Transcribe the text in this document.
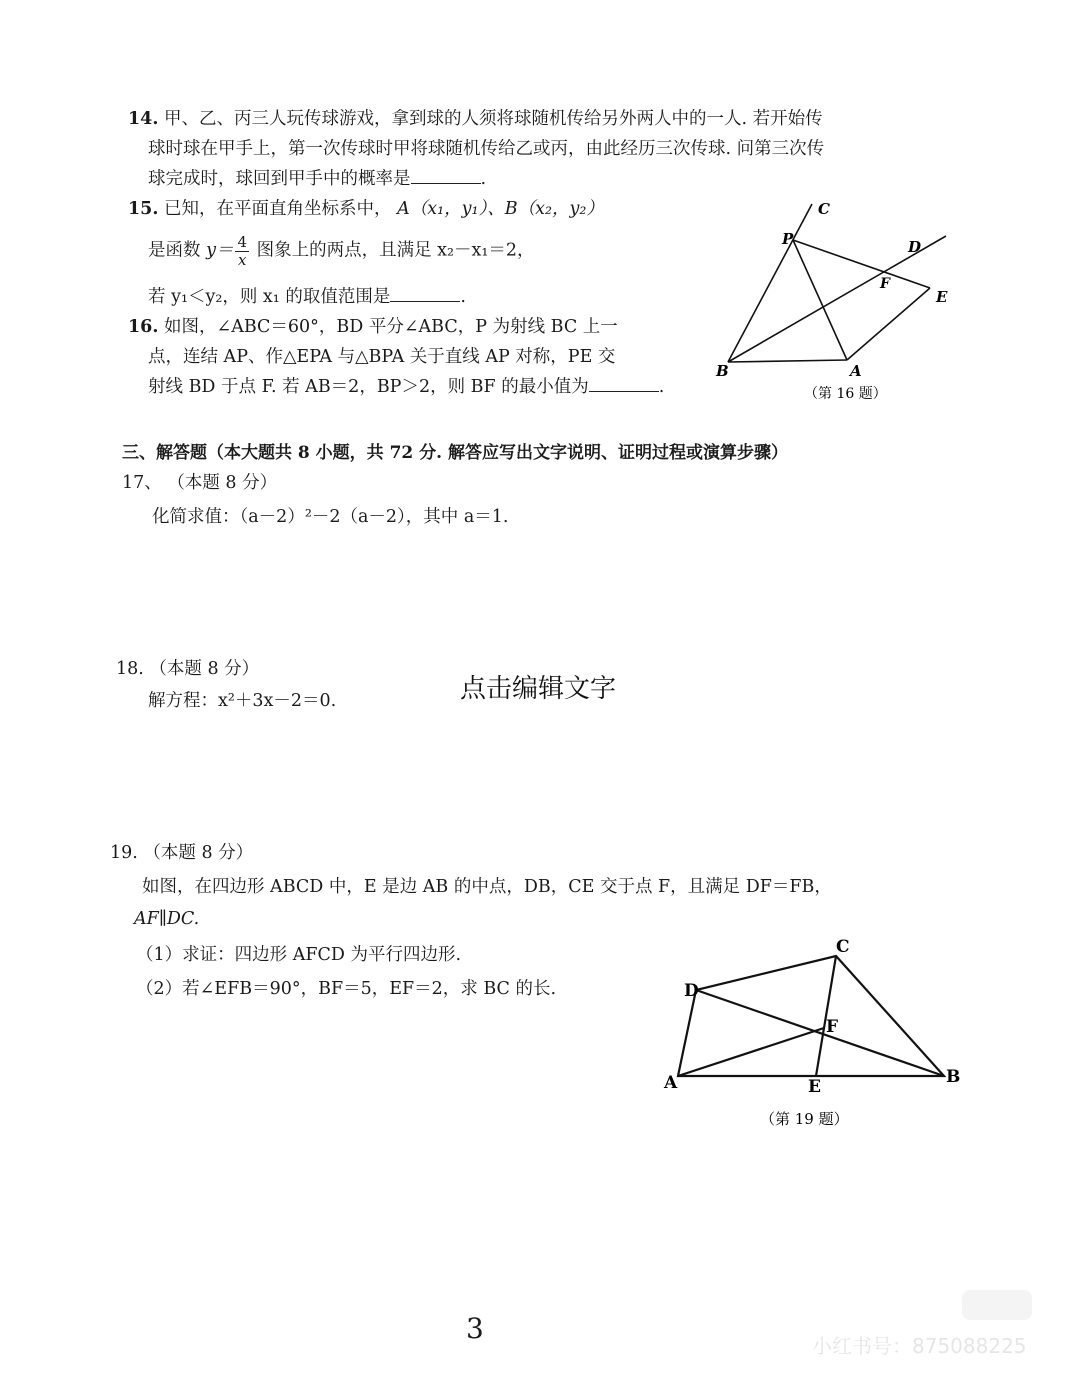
14. 甲、乙、丙三人玩传球游戏，拿到球的人须将球随机传给另外两人中的一人. 若开始传
球时球在甲手上，第一次传球时甲将球随机传给乙或丙，由此经历三次传球. 问第三次传
球完成时，球回到甲手中的概率是	.
15. 已知，在平面直角坐标系中， A（x₁，y₁）、B（x₂，y₂）
是函数 $y= \frac{4}{x}$ 图象上的两点，且满足 x₂－x₁＝2，
若 y₁＜y₂，则 x₁ 的取值范围是	.
16. 如图，∠ABC＝60°，BD 平分∠ABC，P 为射线 BC 上一
点，连结 AP、作△EPA 与△BPA 关于直线 AP 对称，PE 交
射线 BD 于点 F. 若 AB＝2，BP＞2，则 BF 的最小值为	.
C
P	D
F
E
B	A
（第 16 题）
三、解答题（本大题共 8 小题，共 72 分. 解答应写出文字说明、证明过程或演算步骤）
17、 （本题 8 分）
化简求值：（a－2）²－2（a－2），其中 a＝1.
18. （本题 8 分）
解方程：x²＋3x－2＝0.	点击编辑文字
19. （本题 8 分）
如图，在四边形 ABCD 中，E 是边 AB 的中点，DB，CE 交于点 F，且满足 DF＝FB，
AF∥DC.
（1）求证：四边形 AFCD 为平行四边形.
（2）若∠EFB＝90°，BF＝5，EF＝2，求 BC 的长.
C
D
F
A	E	B
（第 19 题）
3
小红书号：875088225
